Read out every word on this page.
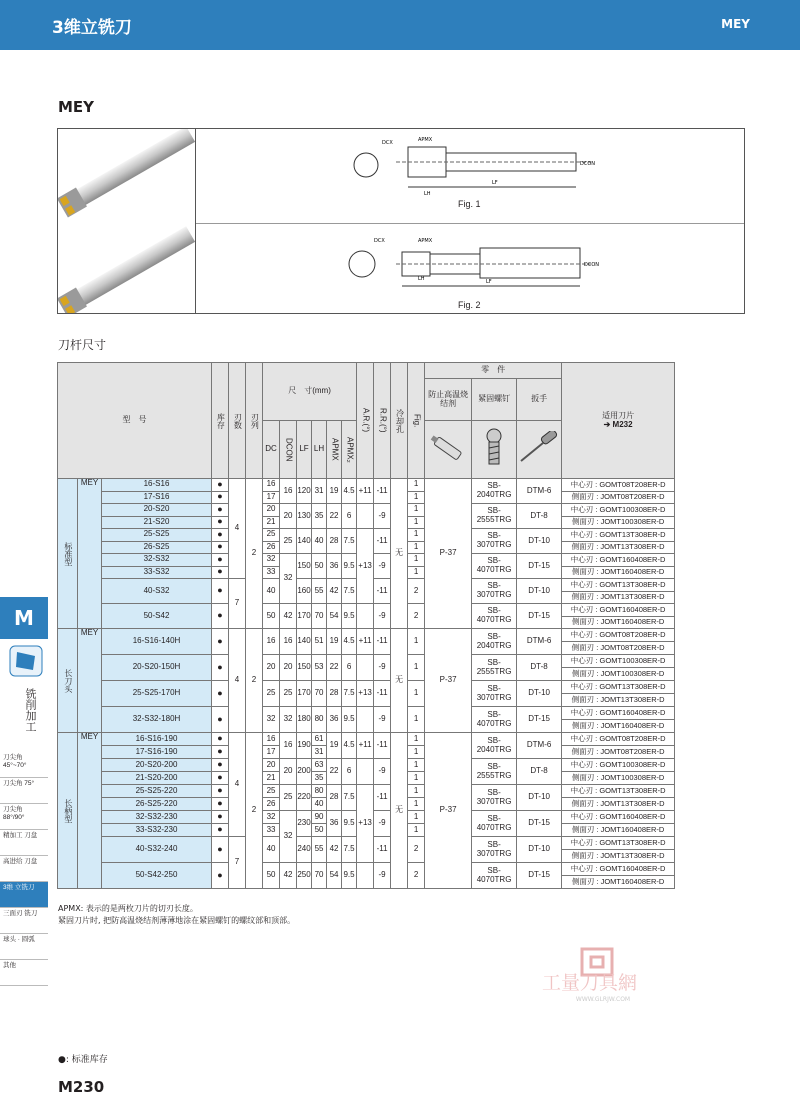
3维立铣刀	MEY
MEY
LF
APMX
DCX
LH
DCON
LF
APMX
DCX
LH
DCON
Fig. 1
Fig. 2
刀杆尺寸
型　号			库存	刃数	刃列	尺　寸(mm)						A.R.(°)	R.R.(°)	冷却孔	Fig.	零　件			适用刀片
➔ M232

																防止高温烧结剂	紧固螺钉	扳手	
						DC	DCON	LF	LH	APMX	APMX₂			
标准型	MEY	16-S16	●	4	2	16	16	120	31	19	4.5	+11	-11	无	1	P-37	SB-2040TRG	DTM-6	中心刃 : GOMT08T208ER-D
		17-S16	●			17									1				侧面刃 : JOMT08T208ER-D
		20-S20	●			20	20	130	35	22	6		-9		1		SB-2555TRG	DT-8	中心刃 : GOMT100308ER-D
		21-S20	●			21									1				侧面刃 : JOMT100308ER-D
		25-S25	●			25	25	140	40	28	7.5	+13	-11		1		SB-3070TRG	DT-10	中心刃 : GOMT13T308ER-D
		26-S25	●			26									1				侧面刃 : JOMT13T308ER-D
		32-S32	●			32	32	150	50	36	9.5		-9		1		SB-4070TRG	DT-15	中心刃 : GOMT160408ER-D
		33-S32	●			33									1				侧面刃 : JOMT160408ER-D
		40-S32	●	7		40		160	55	42	7.5		-11		2		SB-3070TRG	DT-10	中心刃 : GOMT13T308ER-D
																			侧面刃 : JOMT13T308ER-D
		50-S42	●			50	42	170	70	54	9.5		-9		2		SB-4070TRG	DT-15	中心刃 : GOMT160408ER-D
																			侧面刃 : JOMT160408ER-D
长刀头	MEY	16-S16-140H	●	4	2	16	16	140	51	19	4.5	+11	-11	无	1	P-37	SB-2040TRG	DTM-6	中心刃 : GOMT08T208ER-D
																			侧面刃 : JOMT08T208ER-D
		20-S20-150H	●			20	20	150	53	22	6		-9		1		SB-2555TRG	DT-8	中心刃 : GOMT100308ER-D
																			侧面刃 : JOMT100308ER-D
		25-S25-170H	●			25	25	170	70	28	7.5	+13	-11		1		SB-3070TRG	DT-10	中心刃 : GOMT13T308ER-D
																			侧面刃 : JOMT13T308ER-D
		32-S32-180H	●			32	32	180	80	36	9.5		-9		1		SB-4070TRG	DT-15	中心刃 : GOMT160408ER-D
																			侧面刃 : JOMT160408ER-D
长柄型	MEY	16-S16-190	●	4	2	16	16	190	61	19	4.5	+11	-11	无	1	P-37	SB-2040TRG	DTM-6	中心刃 : GOMT08T208ER-D
		17-S16-190	●			17			31						1				侧面刃 : JOMT08T208ER-D
		20-S20-200	●			20	20	200	63	22	6		-9		1		SB-2555TRG	DT-8	中心刃 : GOMT100308ER-D
		21-S20-200	●			21			35						1				侧面刃 : JOMT100308ER-D
		25-S25-220	●			25	25	220	80	28	7.5	+13	-11		1		SB-3070TRG	DT-10	中心刃 : GOMT13T308ER-D
		26-S25-220	●			26			40						1				侧面刃 : JOMT13T308ER-D
		32-S32-230	●			32	32	230	90	36	9.5		-9		1		SB-4070TRG	DT-15	中心刃 : GOMT160408ER-D
		33-S32-230	●			33			50						1				侧面刃 : JOMT160408ER-D
		40-S32-240	●	7		40		240	55	42	7.5		-11		2		SB-3070TRG	DT-10	中心刃 : GOMT13T308ER-D
																			侧面刃 : JOMT13T308ER-D
		50-S42-250	●			50	42	250	70	54	9.5		-9		2		SB-4070TRG	DT-15	中心刃 : GOMT160408ER-D
																			侧面刃 : JOMT160408ER-D
APMX: 表示的是两枚刀片的切刃长度。
紧固刀片时, 把防高温烧结剂薄薄地涂在紧固螺钉的螺纹部和顶部。
M
铣削加工
刀尖角 45°~70°
刀尖角 75°
刀尖角 88°/90°
精加工 刀盘
高进给 刀盘
3维 立铣刀
三面刃 铣刀
球头 · 圆弧
其他
工量刀具網
WWW.GLRJW.COM
●: 标准库存
M230
